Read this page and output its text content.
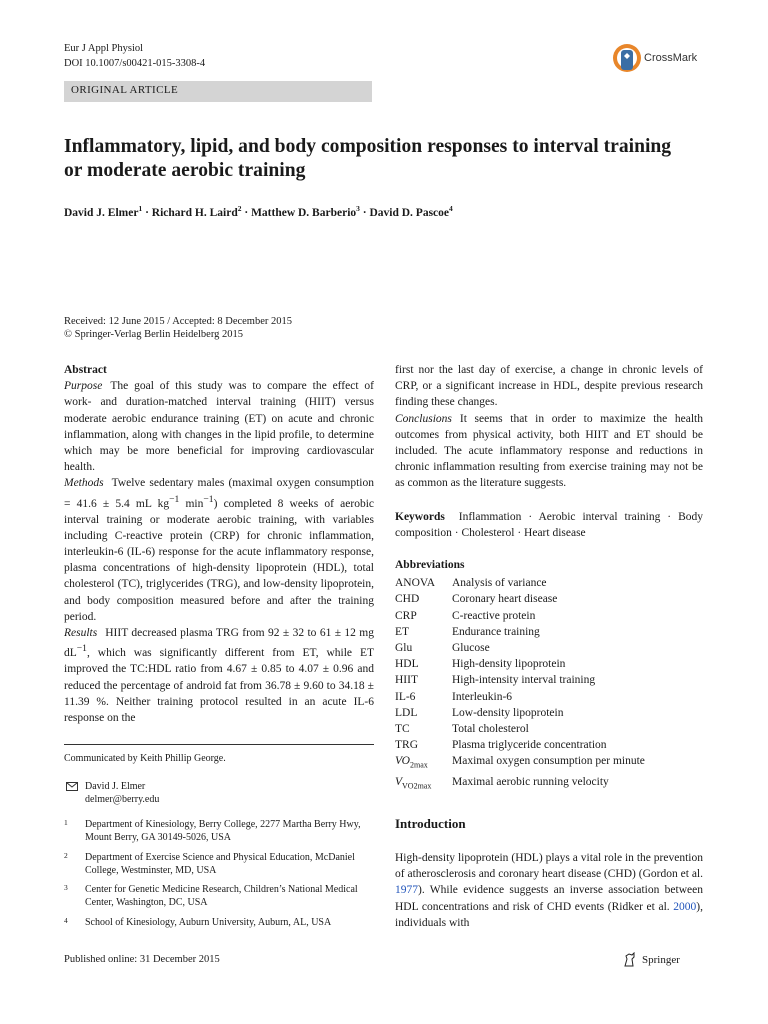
Eur J Appl Physiol
DOI 10.1007/s00421-015-3308-4	CrossMark
ORIGINAL ARTICLE
Inflammatory, lipid, and body composition responses to interval training or moderate aerobic training
David J. Elmer$^1$ · Richard H. Laird$^2$ · Matthew D. Barberio$^3$ · David D. Pascoe$^4$
Received: 12 June 2015 / Accepted: 8 December 2015
© Springer-Verlag Berlin Heidelberg 2015
Abstract
Purpose The goal of this study was to compare the effect of work- and duration-matched interval training (HIIT) versus moderate aerobic endurance training (ET) on acute and chronic inflammation, along with changes in the lipid profile, to determine which may be more beneficial for improving cardiovascular health.
Methods Twelve sedentary males (maximal oxygen consumption = 41.6 ± 5.4 mL $kg^{-1}$ $\min^{-1}$) completed 8 weeks of aerobic interval training or moderate aerobic training, with variables including C-reactive protein (CRP) for chronic inflammation, interleukin-6 (IL-6) response for the acute inflammatory response, plasma concentrations of high-density lipoprotein (HDL), total cholesterol (TC), triglycerides (TRG), and low-density lipoprotein, and body composition measured before and after the training period.
Results HIIT decreased plasma TRG from 92 ± 32 to 61 ± 12 mg $dL^{-1}$, which was significantly different from ET, while ET improved the TC:HDL ratio from 4.67 ± 0.85 to 4.07 ± 0.96 and reduced the percentage of android fat from 36.78 ± 9.60 to 34.18 ± 11.39 %. Neither training protocol resulted in an acute IL-6 response on the
Communicated by Keith Phillip George.
David J. Elmer
delmer@berry.edu
1 Department of Kinesiology, Berry College, 2277 Martha Berry Hwy, Mount Berry, GA 30149-5026, USA
2 Department of Exercise Science and Physical Education, McDaniel College, Westminster, MD, USA
3 Center for Genetic Medicine Research, Children’s National Medical Center, Washington, DC, USA
4 School of Kinesiology, Auburn University, Auburn, AL, USA
first nor the last day of exercise, a change in chronic levels of CRP, or a significant increase in HDL, despite previous research finding these changes.
Conclusions It seems that in order to maximize the health outcomes from physical activity, both HIIT and ET should be included. The acute inflammatory response and reductions in chronic inflammation resulting from exercise training may not be as common as the literature suggests.
Keywords Inflammation · Aerobic interval training · Body composition · Cholesterol · Heart disease
Abbreviations
ANOVA	Analysis of variance
CHD	Coronary heart disease
CRP	C-reactive protein
ET	Endurance training
Glu	Glucose
HDL	High-density lipoprotein
HIIT	High-intensity interval training
IL-6	Interleukin-6
LDL	Low-density lipoprotein
TC	Total cholesterol
TRG	Plasma triglyceride concentration
$VO_{2max}$	Maximal oxygen consumption per minute
$V_{VO2max}$	Maximal aerobic running velocity
Introduction
High-density lipoprotein (HDL) plays a vital role in the prevention of atherosclerosis and coronary heart disease (CHD) (Gordon et al. 1977). While evidence suggests an inverse association between HDL concentrations and risk of CHD events (Ridker et al. 2000), individuals with
Published online: 31 December 2015	Springer
